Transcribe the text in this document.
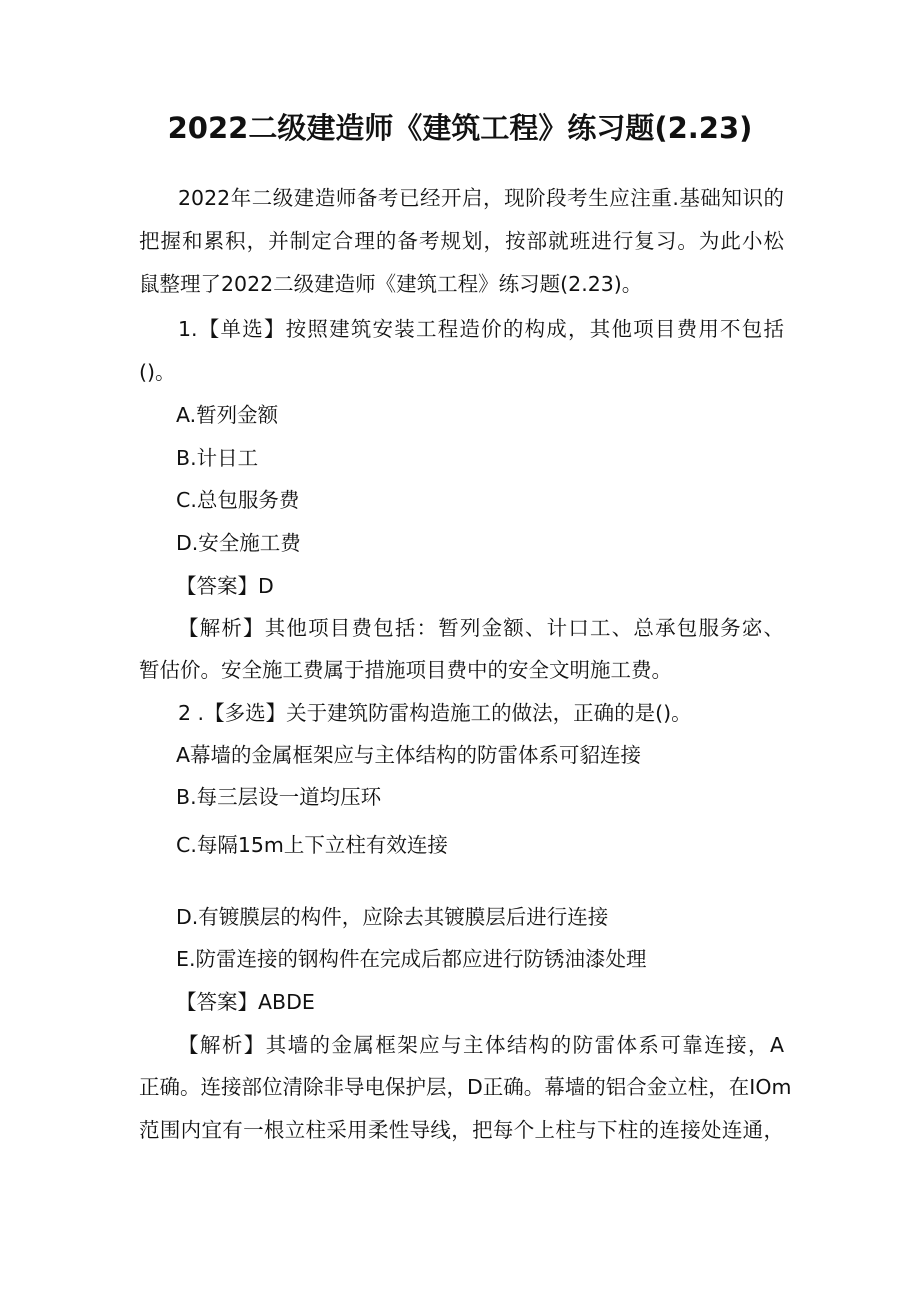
2022二级建造师《建筑工程》练习题(2.23)
2022年二级建造师备考已经开启，现阶段考生应注重.基础知识的
把握和累积，并制定合理的备考规划，按部就班进行复习。为此小松
鼠整理了2022二级建造师《建筑工程》练习题(2.23)。
1.【单选】按照建筑安装工程造价的构成，其他项目费用不包括
()。
A.暂列金额
B.计日工
C.总包服务费
D.安全施工费
【答案】D
【解析】其他项目费包括：暂列金额、计口工、总承包服务宓、
暂估价。安全施工费属于措施项目费中的安全文明施工费。
2 .【多选】关于建筑防雷构造施工的做法，正确的是()。
A幕墙的金属框架应与主体结构的防雷体系可貂连接
B.每三层设一道均压环
C.每隔15m上下立柱有效连接
D.有镀膜层的构件，应除去其镀膜层后进行连接
E.防雷连接的钢构件在完成后都应进行防锈油漆处理
【答案】ABDE
【解析】其墙的金属框架应与主体结构的防雷体系可靠连接，A
正确。连接部位清除非导电保护层，D正确。幕墙的铝合金立柱，在IOm
范围内宜有一根立柱采用柔性导线，把每个上柱与下柱的连接处连通，
